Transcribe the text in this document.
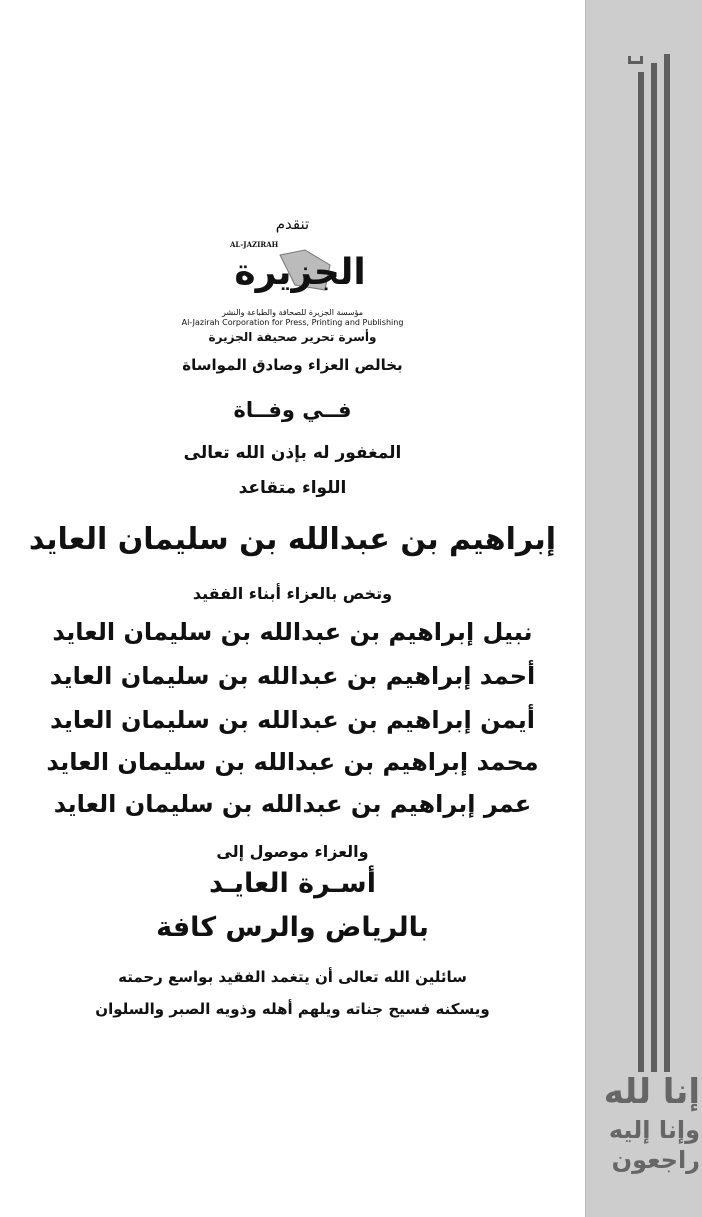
تنقدم
AL-JAZIRAH
الجزيرة
مؤسسة الجزيرة للصحافة والطباعة والنشر
Al-Jazirah Corporation for Press, Printing and Publishing
وأسرة تحرير صحيفة الجزيرة
بخالص العزاء وصادق المواساة
فــي وفــاة
المغفور له بإذن الله تعالى
اللواء متقاعد
إبراهيم بن عبدالله بن سليمان العايد
وتخص بالعزاء أبناء الفقيد
نبيل إبراهيم بن عبدالله بن سليمان العايد
أحمد إبراهيم بن عبدالله بن سليمان العايد
أيمن إبراهيم بن عبدالله بن سليمان العايد
محمد إبراهيم بن عبدالله بن سليمان العايد
عمر إبراهيم بن عبدالله بن سليمان العايد
والعزاء موصول إلى
أسـرة العايـد
بالرياض والرس كافة
سائلين الله تعالى أن يتغمد الفقيد بواسع رحمته
ويسكنه فسيح جناته ويلهم أهله وذويه الصبر والسلوان
إنا لله
وإنا إليه
راجعون
